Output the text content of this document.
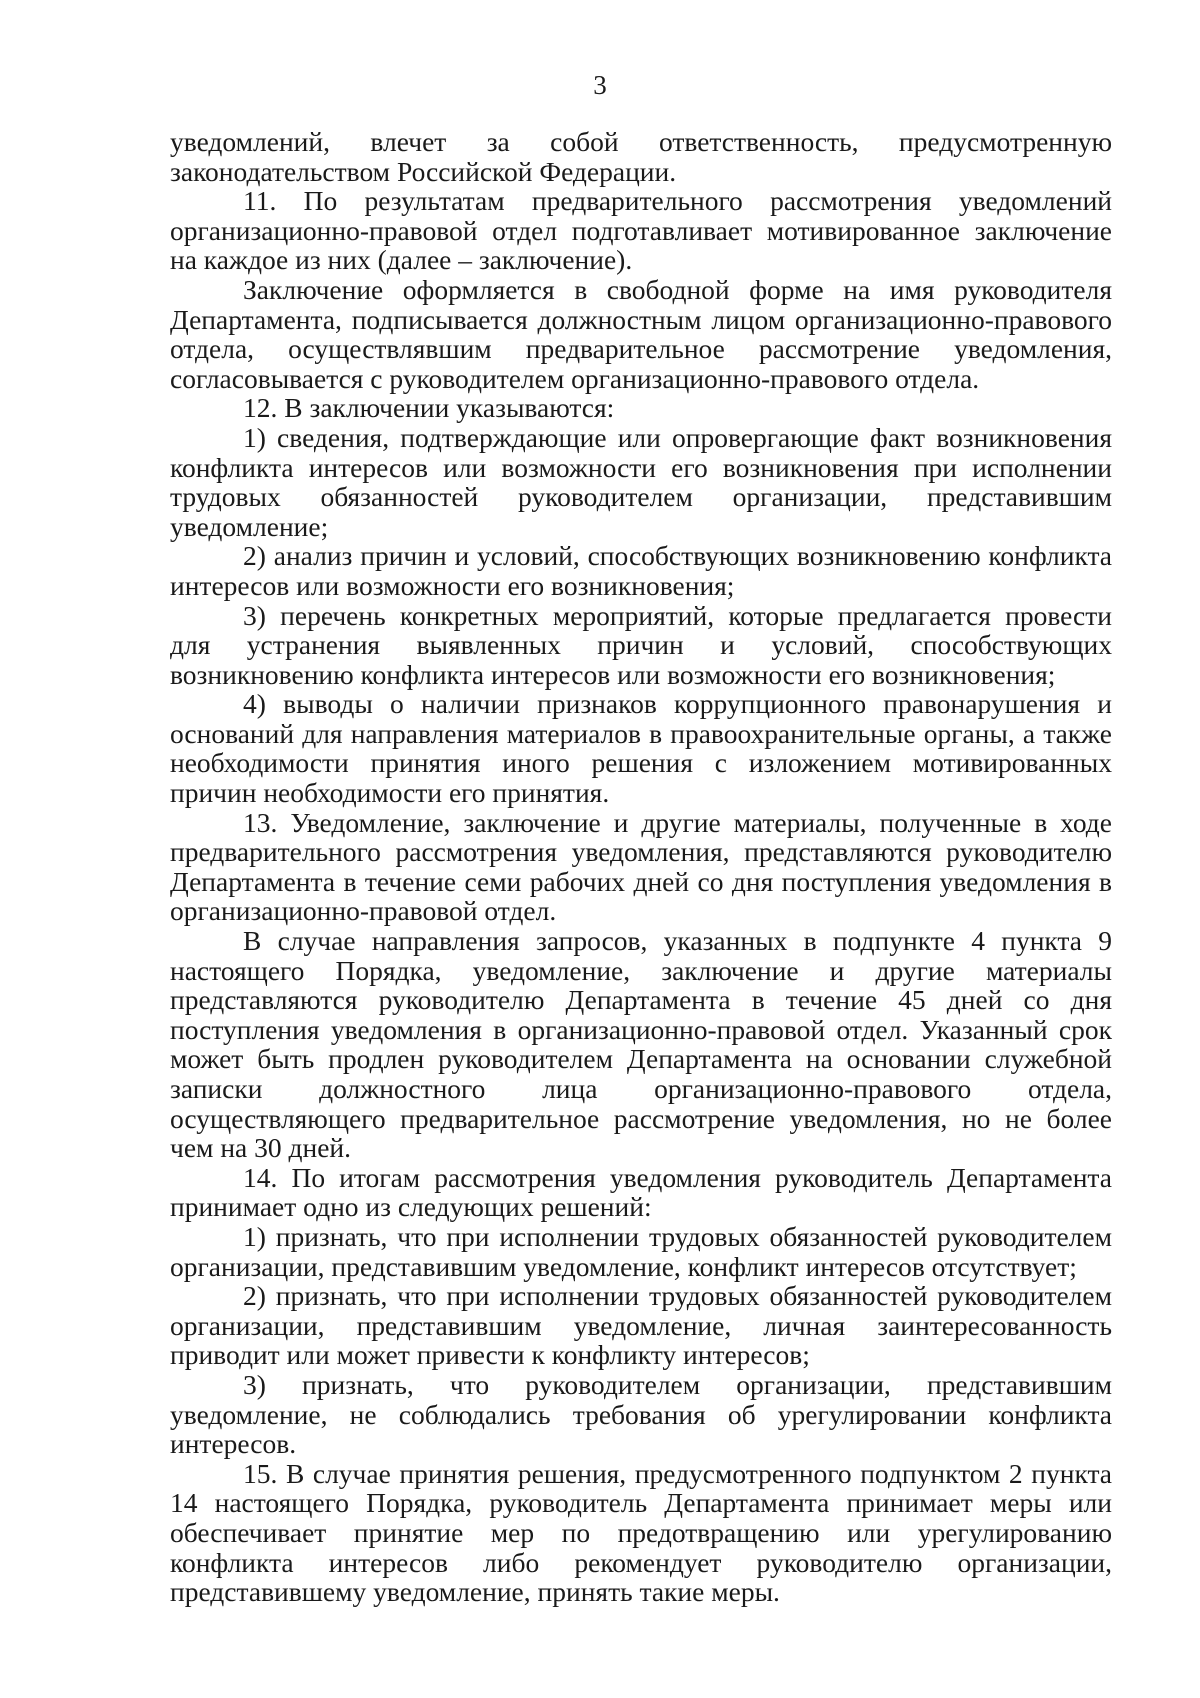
3

уведомлений, влечет за собой ответственность, предусмотренную законодательством Российской Федерации.

11. По результатам предварительного рассмотрения уведомлений организационно-правовой отдел подготавливает мотивированное заключение на каждое из них (далее – заключение).

Заключение оформляется в свободной форме на имя руководителя Департамента, подписывается должностным лицом организационно-правового отдела, осуществлявшим предварительное рассмотрение уведомления, согласовывается с руководителем организационно-правового отдела.

12. В заключении указываются:

1) сведения, подтверждающие или опровергающие факт возникновения конфликта интересов или возможности его возникновения при исполнении трудовых обязанностей руководителем организации, представившим уведомление;

2) анализ причин и условий, способствующих возникновению конфликта интересов или возможности его возникновения;

3) перечень конкретных мероприятий, которые предлагается провести для устранения выявленных причин и условий, способствующих возникновению конфликта интересов или возможности его возникновения;

4) выводы о наличии признаков коррупционного правонарушения и оснований для направления материалов в правоохранительные органы, а также необходимости принятия иного решения с изложением мотивированных причин необходимости его принятия.

13. Уведомление, заключение и другие материалы, полученные в ходе предварительного рассмотрения уведомления, представляются руководителю Департамента в течение семи рабочих дней со дня поступления уведомления в организационно-правовой отдел.

В случае направления запросов, указанных в подпункте 4 пункта 9 настоящего Порядка, уведомление, заключение и другие материалы представляются руководителю Департамента в течение 45 дней со дня поступления уведомления в организационно-правовой отдел. Указанный срок может быть продлен руководителем Департамента на основании служебной записки должностного лица организационно-правового отдела, осуществляющего предварительное рассмотрение уведомления, но не более чем на 30 дней.

14. По итогам рассмотрения уведомления руководитель Департамента принимает одно из следующих решений:

1) признать, что при исполнении трудовых обязанностей руководителем организации, представившим уведомление, конфликт интересов отсутствует;

2) признать, что при исполнении трудовых обязанностей руководителем организации, представившим уведомление, личная заинтересованность приводит или может привести к конфликту интересов;

3) признать, что руководителем организации, представившим уведомление, не соблюдались требования об урегулировании конфликта интересов.

15. В случае принятия решения, предусмотренного подпунктом 2 пункта 14 настоящего Порядка, руководитель Департамента принимает меры или обеспечивает принятие мер по предотвращению или урегулированию конфликта интересов либо рекомендует руководителю организации, представившему уведомление, принять такие меры.
